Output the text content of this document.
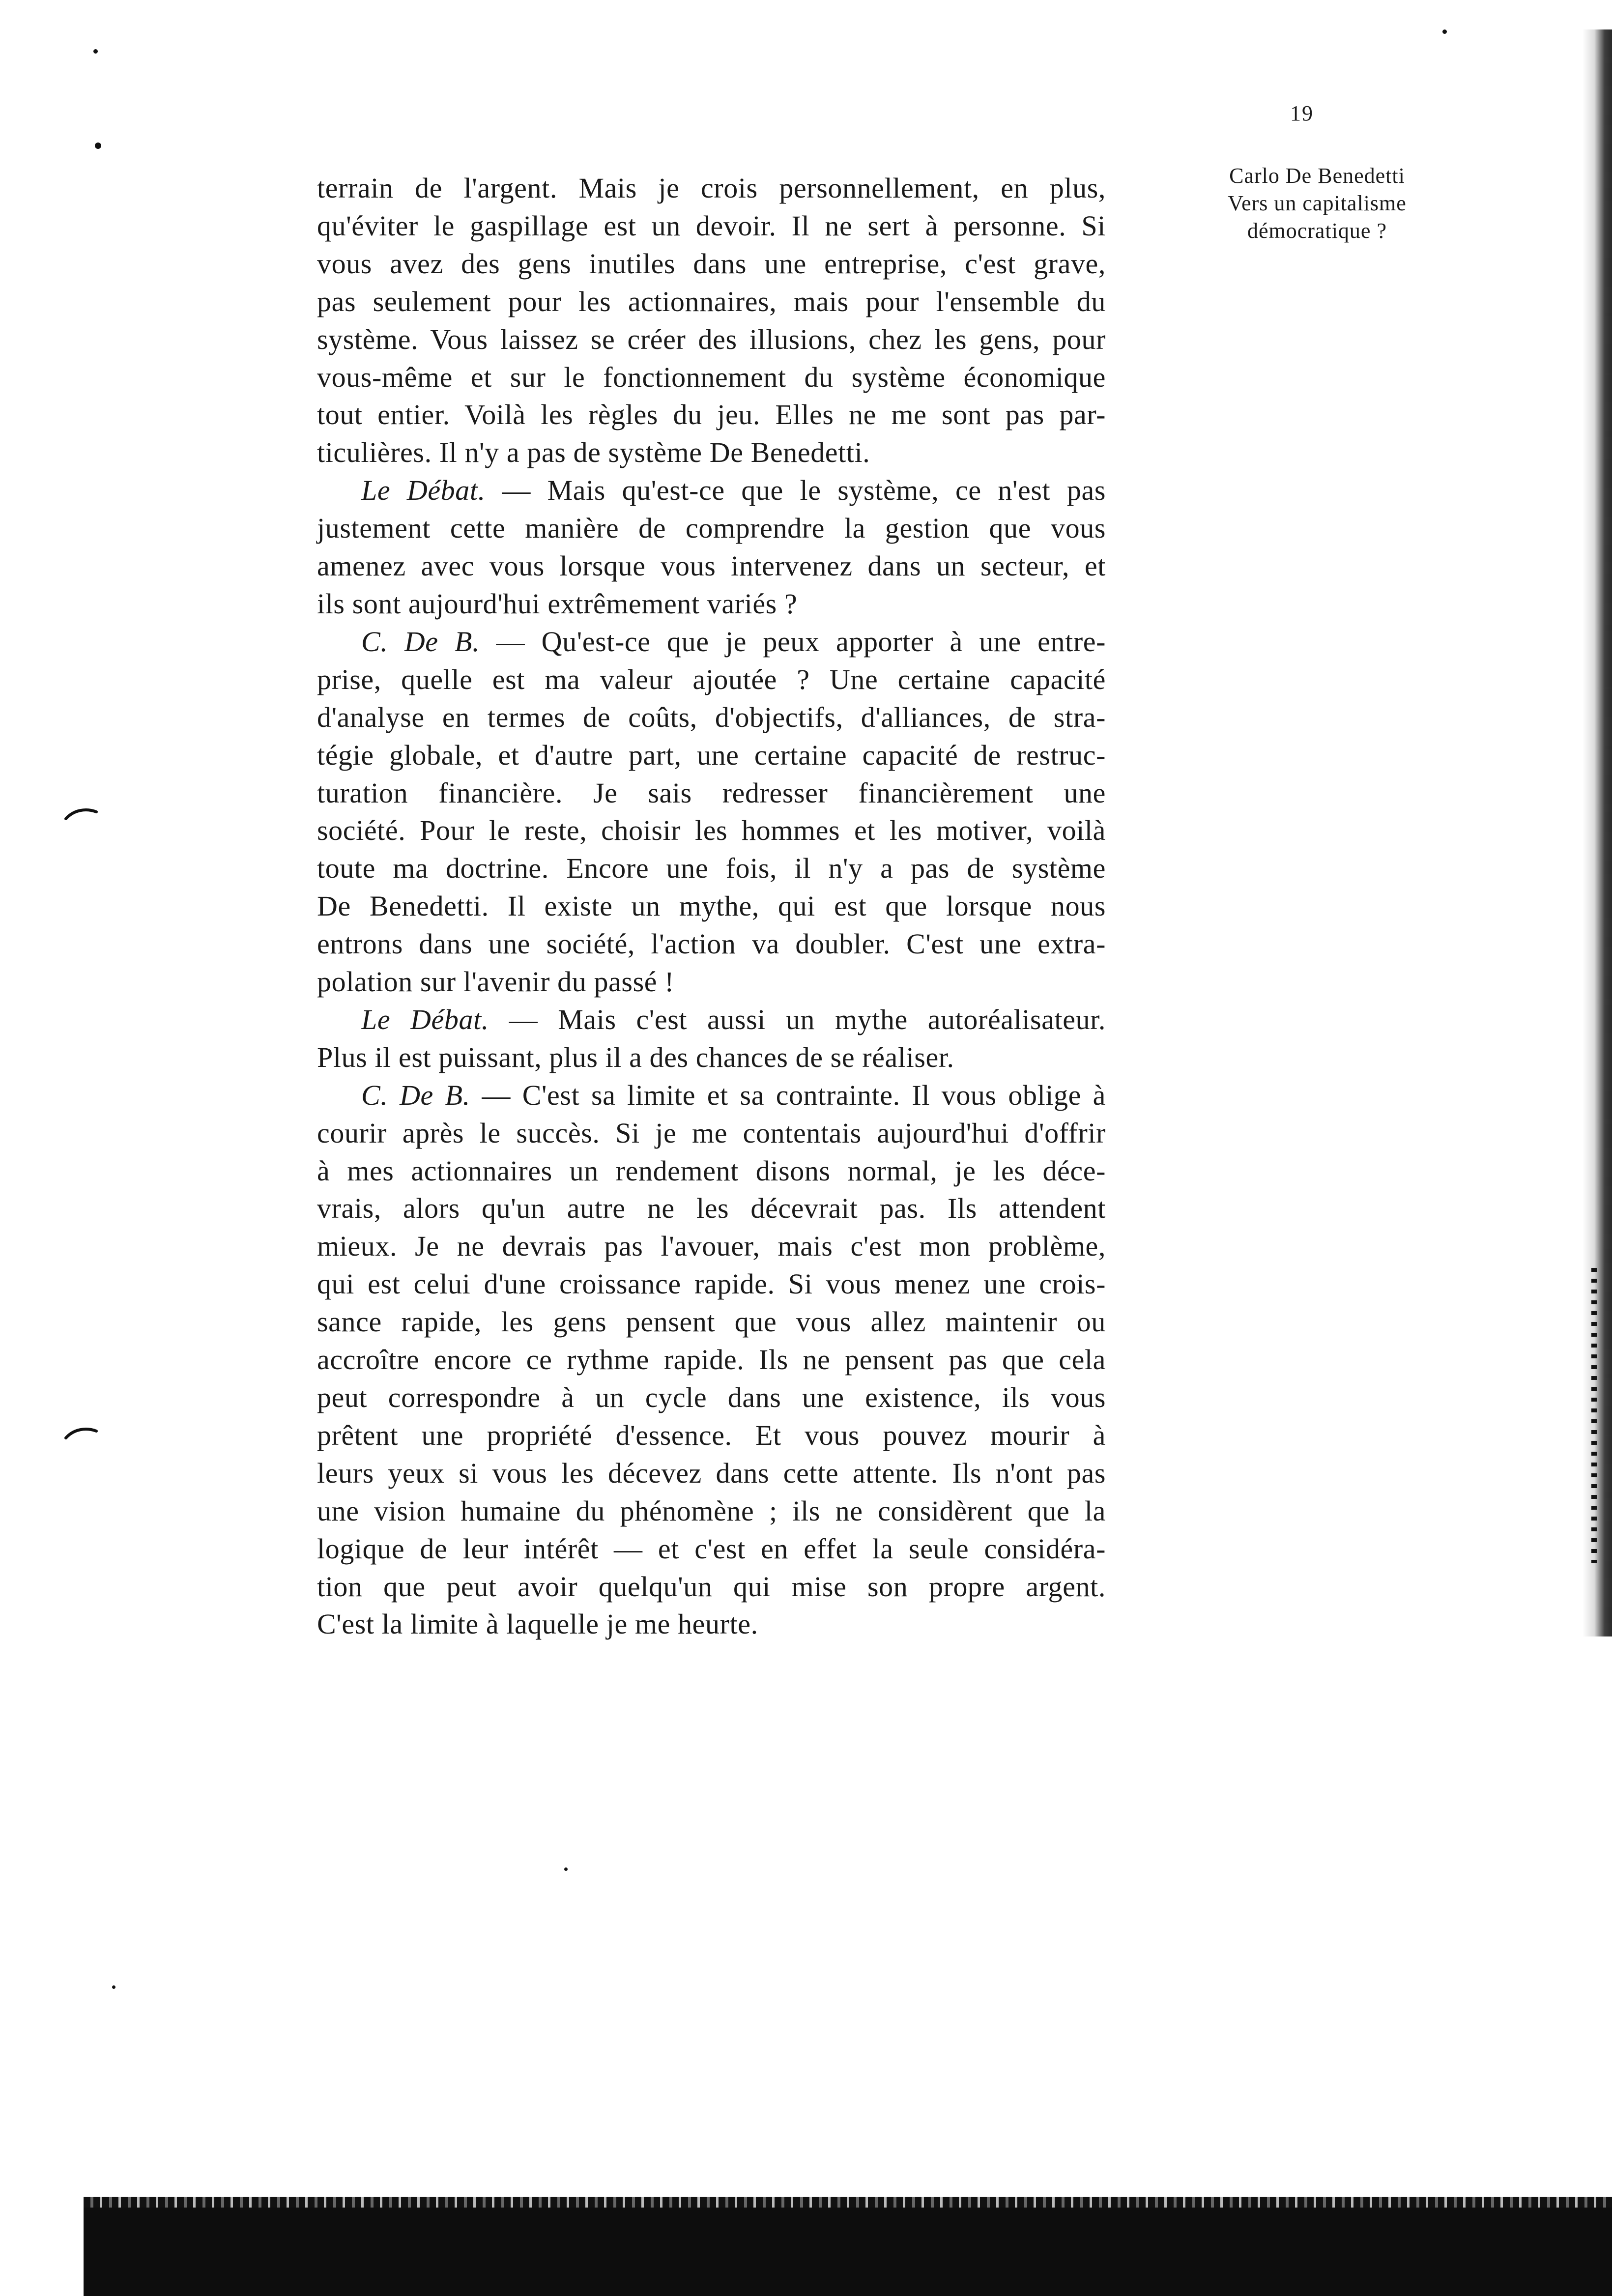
19
Carlo De Benedetti
Vers un capitalisme
démocratique ?
terrain de l'argent. Mais je crois personnellement, en plus,
qu'éviter le gaspillage est un devoir. Il ne sert à personne. Si
vous avez des gens inutiles dans une entreprise, c'est grave,
pas seulement pour les actionnaires, mais pour l'ensemble du
système. Vous laissez se créer des illusions, chez les gens, pour
vous-même et sur le fonctionnement du système économique
tout entier. Voilà les règles du jeu. Elles ne me sont pas par-
ticulières. Il n'y a pas de système De Benedetti.
Le Débat. — Mais qu'est-ce que le système, ce n'est pas
justement cette manière de comprendre la gestion que vous
amenez avec vous lorsque vous intervenez dans un secteur, et
ils sont aujourd'hui extrêmement variés ?
C. De B. — Qu'est-ce que je peux apporter à une entre-
prise, quelle est ma valeur ajoutée ? Une certaine capacité
d'analyse en termes de coûts, d'objectifs, d'alliances, de stra-
tégie globale, et d'autre part, une certaine capacité de restruc-
turation financière. Je sais redresser financièrement une
société. Pour le reste, choisir les hommes et les motiver, voilà
toute ma doctrine. Encore une fois, il n'y a pas de système
De Benedetti. Il existe un mythe, qui est que lorsque nous
entrons dans une société, l'action va doubler. C'est une extra-
polation sur l'avenir du passé !
Le Débat. — Mais c'est aussi un mythe autoréalisateur.
Plus il est puissant, plus il a des chances de se réaliser.
C. De B. — C'est sa limite et sa contrainte. Il vous oblige à
courir après le succès. Si je me contentais aujourd'hui d'offrir
à mes actionnaires un rendement disons normal, je les déce-
vrais, alors qu'un autre ne les décevrait pas. Ils attendent
mieux. Je ne devrais pas l'avouer, mais c'est mon problème,
qui est celui d'une croissance rapide. Si vous menez une crois-
sance rapide, les gens pensent que vous allez maintenir ou
accroître encore ce rythme rapide. Ils ne pensent pas que cela
peut correspondre à un cycle dans une existence, ils vous
prêtent une propriété d'essence. Et vous pouvez mourir à
leurs yeux si vous les décevez dans cette attente. Ils n'ont pas
une vision humaine du phénomène ; ils ne considèrent que la
logique de leur intérêt — et c'est en effet la seule considéra-
tion que peut avoir quelqu'un qui mise son propre argent.
C'est la limite à laquelle je me heurte.
